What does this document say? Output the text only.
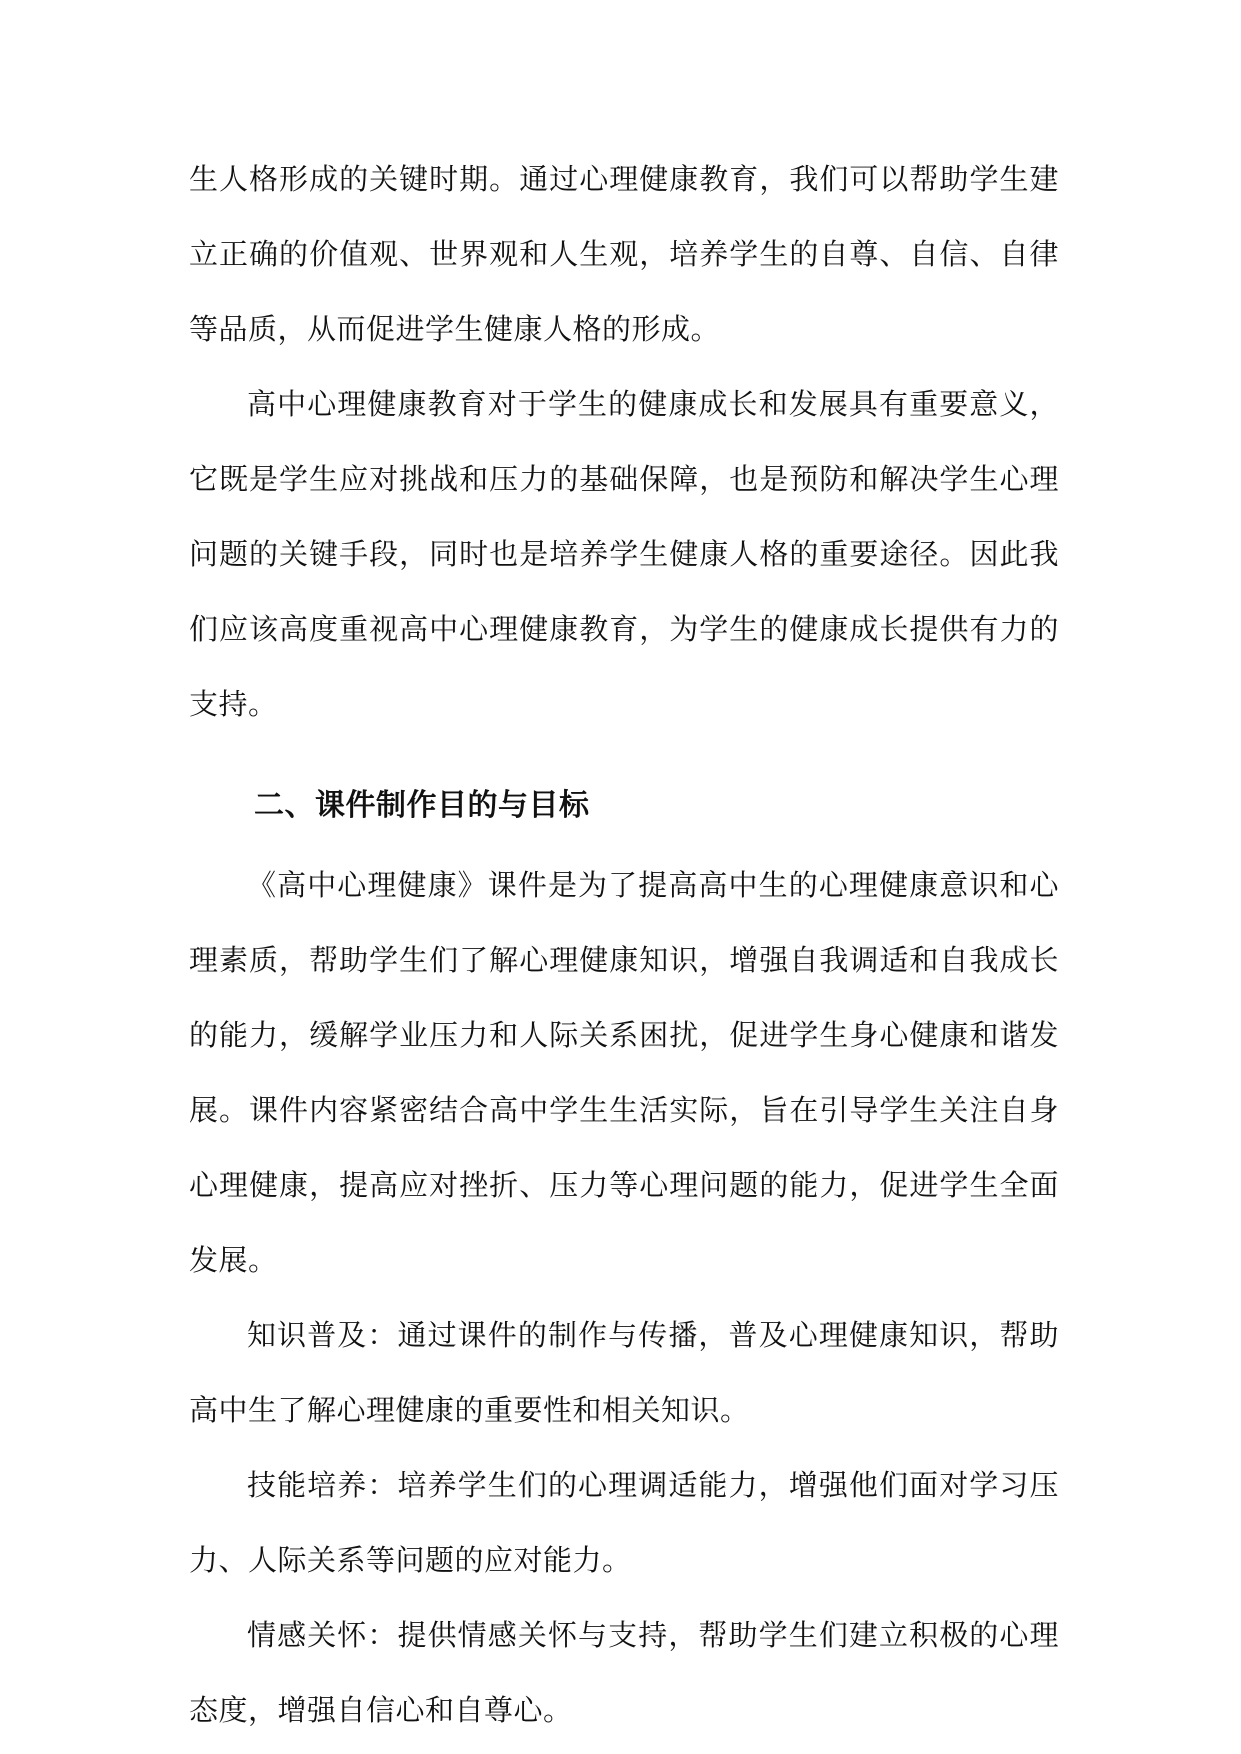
生人格形成的关键时期。通过心理健康教育，我们可以帮助学生建立正确的价值观、世界观和人生观，培养学生的自尊、自信、自律等品质，从而促进学生健康人格的形成。

高中心理健康教育对于学生的健康成长和发展具有重要意义，它既是学生应对挑战和压力的基础保障，也是预防和解决学生心理问题的关键手段，同时也是培养学生健康人格的重要途径。因此我们应该高度重视高中心理健康教育，为学生的健康成长提供有力的支持。

二、课件制作目的与目标

《高中心理健康》课件是为了提高高中生的心理健康意识和心理素质，帮助学生们了解心理健康知识，增强自我调适和自我成长的能力，缓解学业压力和人际关系困扰，促进学生身心健康和谐发展。课件内容紧密结合高中学生生活实际，旨在引导学生关注自身心理健康，提高应对挫折、压力等心理问题的能力，促进学生全面发展。

知识普及：通过课件的制作与传播，普及心理健康知识，帮助高中生了解心理健康的重要性和相关知识。

技能培养：培养学生们的心理调适能力，增强他们面对学习压力、人际关系等问题的应对能力。

情感关怀：提供情感关怀与支持，帮助学生们建立积极的心理态度，增强自信心和自尊心。
